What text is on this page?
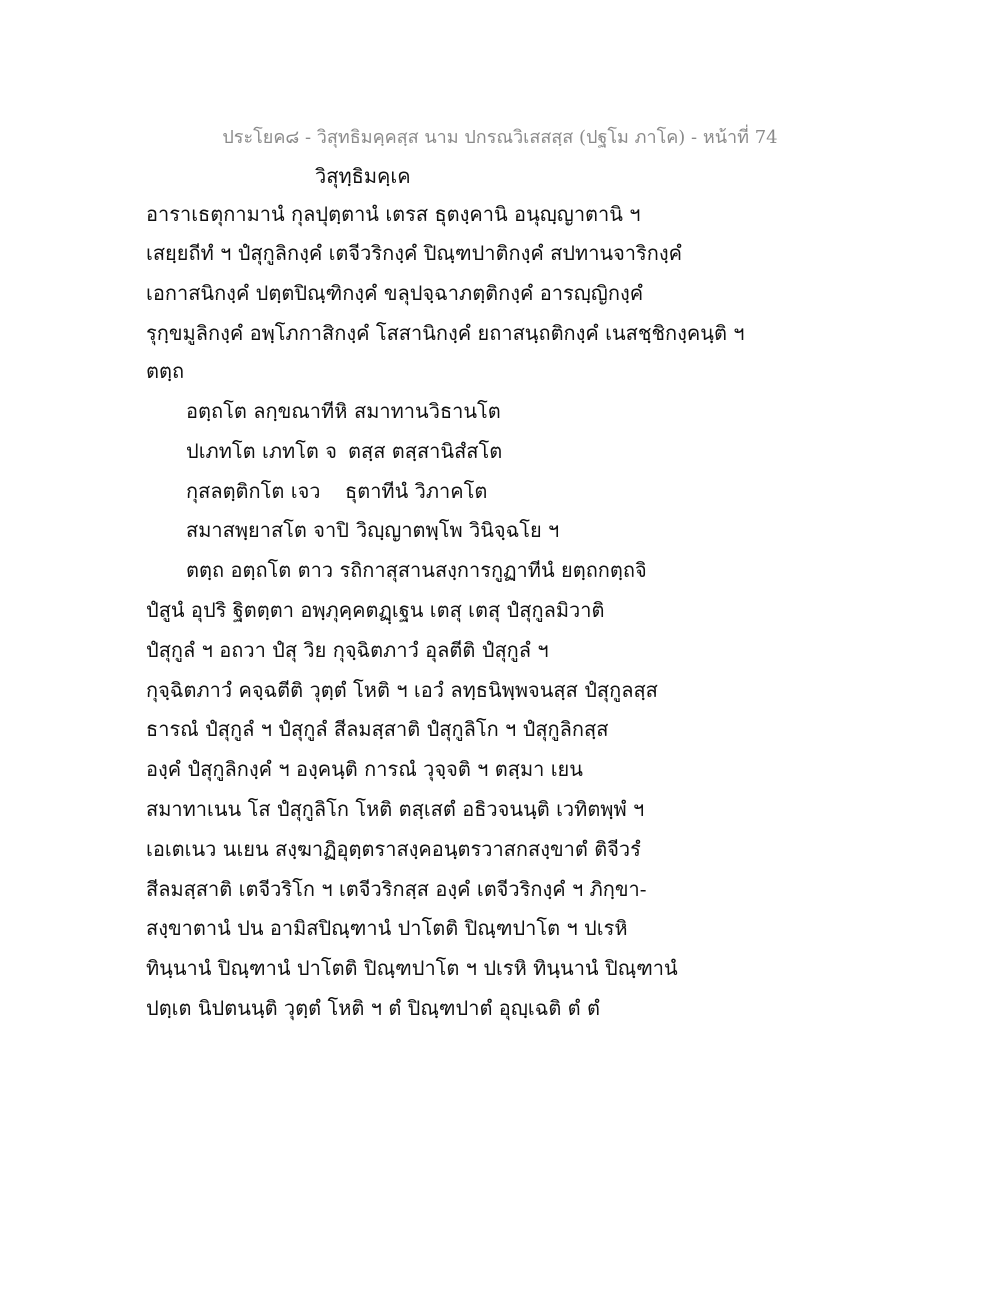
ประโยค๘ - วิสุทธิมคฺคสฺส นาม ปกรณวิเสสสฺส (ปฐโม ภาโค) - หน้าที่ 74
วิสุทฺธิมคฺเค
อาราเธตุกามานํ กุลปุตฺตานํ เตรส ธุตงฺคานิ อนุญฺญาตานิ ฯ
เสยฺยถีทํ ฯ ปํสุกูลิกงฺคํ เตจีวริกงฺคํ ปิณฺฑปาติกงฺคํ สปทานจาริกงฺคํ
เอกาสนิกงฺคํ ปตฺตปิณฺฑิกงฺคํ ขลุปจฺฉาภตฺติกงฺคํ อารญฺญิกงฺคํ
รุกฺขมูลิกงฺคํ อพฺโภกาสิกงฺคํ โสสานิกงฺคํ ยถาสนฺถติกงฺคํ เนสชฺชิกงฺคนฺติ ฯ
ตตฺถ
อตฺถโต ลกฺขณาทีหิ สมาทานวิธานโต
ปเภทโต เภทโต จ ตสฺส ตสฺสานิสํสโต
กุสลตฺติกโต เจว ธุตาทีนํ วิภาคโต
สมาสพฺยาสโต จาปิ วิญฺญาตพฺโพ วินิจฺฉโย ฯ
ตตฺถ อตฺถโต ตาว รถิกาสุสานสงฺการกูฏาทีนํ ยตฺถกตฺถจิ
ปํสูนํ อุปริ ฐิตตฺตา อพฺภุคฺคตฏฺเฐน เตสุ เตสุ ปํสุกูลมิวาติ
ปํสุกูลํ ฯ อถวา ปํสุ วิย กุจฺฉิตภาวํ อุลตีติ ปํสุกูลํ ฯ
กุจฺฉิตภาวํ คจฺฉตีติ วุตฺตํ โหติ ฯ เอวํ ลทฺธนิพฺพจนสฺส ปํสุกูลสฺส
ธารณํ ปํสุกูลํ ฯ ปํสุกูลํ สีลมสฺสาติ ปํสุกูลิโก ฯ ปํสุกูลิกสฺส
องฺคํ ปํสุกูลิกงฺคํ ฯ องฺคนฺติ การณํ วุจฺจติ ฯ ตสฺมา เยน
สมาทาเนน โส ปํสุกูลิโก โหติ ตสฺเสตํ อธิวจนนฺติ เวทิตพฺพํ ฯ
เอเตเนว นเยน สงฺฆาฏิอุตฺตราสงฺคอนฺตรวาสกสงฺขาตํ ติจีวรํ
สีลมสฺสาติ เตจีวริโก ฯ เตจีวริกสฺส องฺคํ เตจีวริกงฺคํ ฯ ภิกฺขา-
สงฺขาตานํ ปน อามิสปิณฺฑานํ ปาโตติ ปิณฺฑปาโต ฯ ปเรหิ
ทินฺนานํ ปิณฺฑานํ ปาโตติ ปิณฺฑปาโต ฯ ปเรหิ ทินฺนานํ ปิณฺฑานํ
ปตฺเต นิปตนนฺติ วุตฺตํ โหติ ฯ ตํ ปิณฺฑปาตํ อุญฺเฉติ ตํ ตํ
